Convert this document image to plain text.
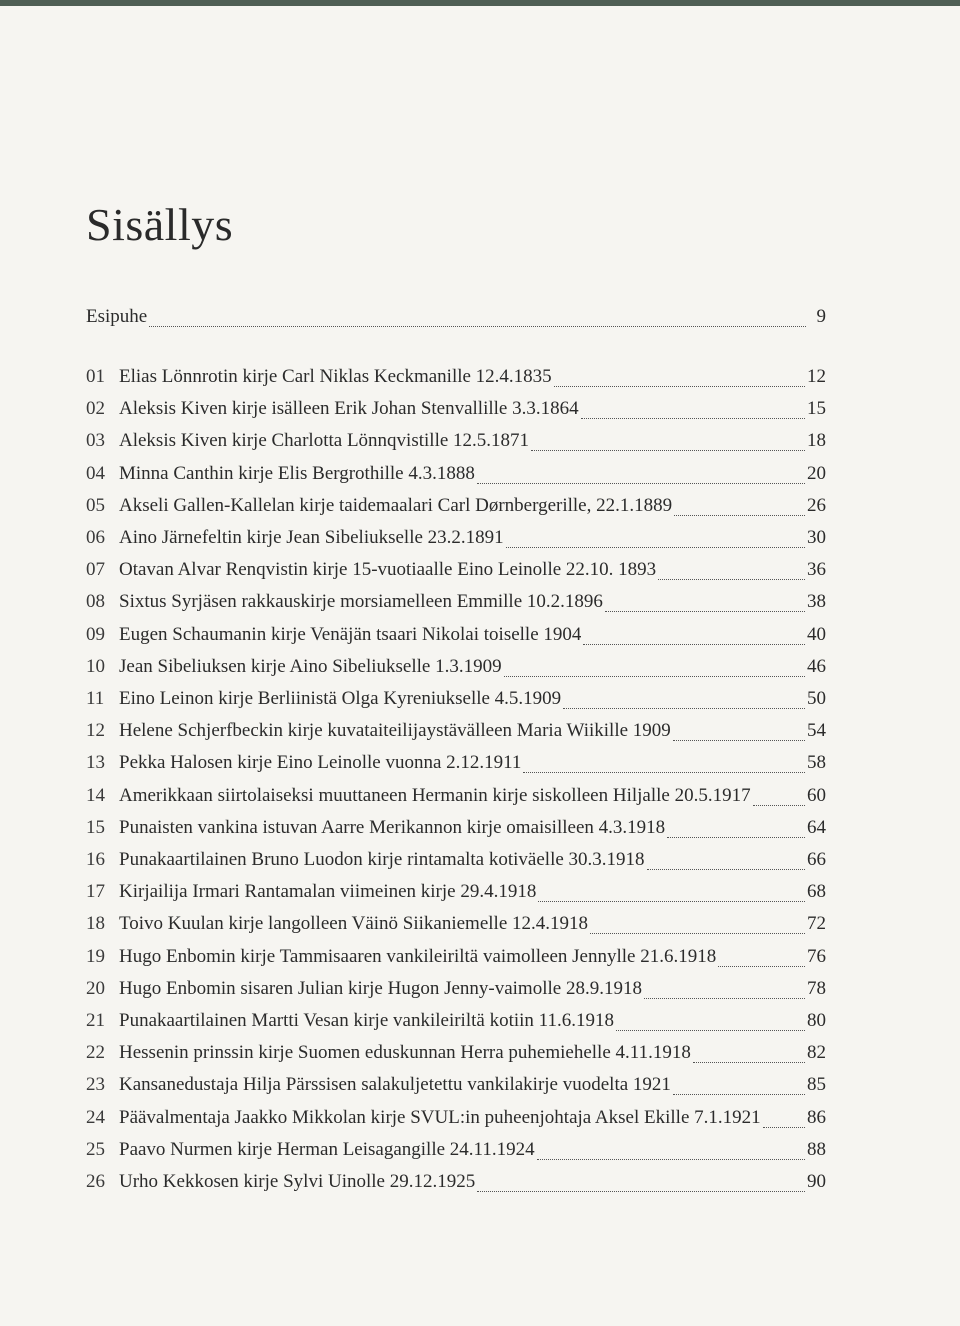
Sisällys
Esipuhe	9
01 Elias Lönnrotin kirje Carl Niklas Keckmanille 12.4.1835	12
02 Aleksis Kiven kirje isälleen Erik Johan Stenvallille 3.3.1864	15
03 Aleksis Kiven kirje Charlotta Lönnqvistille 12.5.1871	18
04 Minna Canthin kirje Elis Bergrothille 4.3.1888	20
05 Akseli Gallen-Kallelan kirje taidemaalari Carl Dørnbergerille, 22.1.1889	26
06 Aino Järnefeltin kirje Jean Sibeliukselle 23.2.1891	30
07 Otavan Alvar Renqvistin kirje 15-vuotiaalle Eino Leinolle 22.10. 1893	36
08 Sixtus Syrjäsen rakkauskirje morsiamelleen Emmille 10.2.1896	38
09 Eugen Schaumanin kirje Venäjän tsaari Nikolai toiselle 1904	40
10 Jean Sibeliuksen kirje Aino Sibeliukselle 1.3.1909	46
11 Eino Leinon kirje Berliinistä Olga Kyreniukselle 4.5.1909	50
12 Helene Schjerfbeckin kirje kuvataiteilijaystävälleen Maria Wiikille 1909	54
13 Pekka Halosen kirje Eino Leinolle vuonna 2.12.1911	58
14 Amerikkaan siirtolaiseksi muuttaneen Hermanin kirje siskolleen Hiljalle 20.5.1917	60
15 Punaisten vankina istuvan Aarre Merikannon kirje omaisilleen 4.3.1918	64
16 Punakaartilainen Bruno Luodon kirje rintamalta kotiväelle 30.3.1918	66
17 Kirjailija Irmari Rantamalan viimeinen kirje 29.4.1918	68
18 Toivo Kuulan kirje langolleen Väinö Siikaniemelle 12.4.1918	72
19 Hugo Enbomin kirje Tammisaaren vankileiriltä vaimolleen Jennylle 21.6.1918	76
20 Hugo Enbomin sisaren Julian kirje Hugon Jenny-vaimolle 28.9.1918	78
21 Punakaartilainen Martti Vesan kirje vankileiriltä kotiin 11.6.1918	80
22 Hessenin prinssin kirje Suomen eduskunnan Herra puhemiehelle 4.11.1918	82
23 Kansanedustaja Hilja Pärssisen salakuljetettu vankilakirje vuodelta 1921	85
24 Päävalmentaja Jaakko Mikkolan kirje SVUL:in puheenjohtaja Aksel Ekille 7.1.1921 86
25 Paavo Nurmen kirje Herman Leisagangille 24.11.1924	88
26 Urho Kekkosen kirje Sylvi Uinolle 29.12.1925	90
